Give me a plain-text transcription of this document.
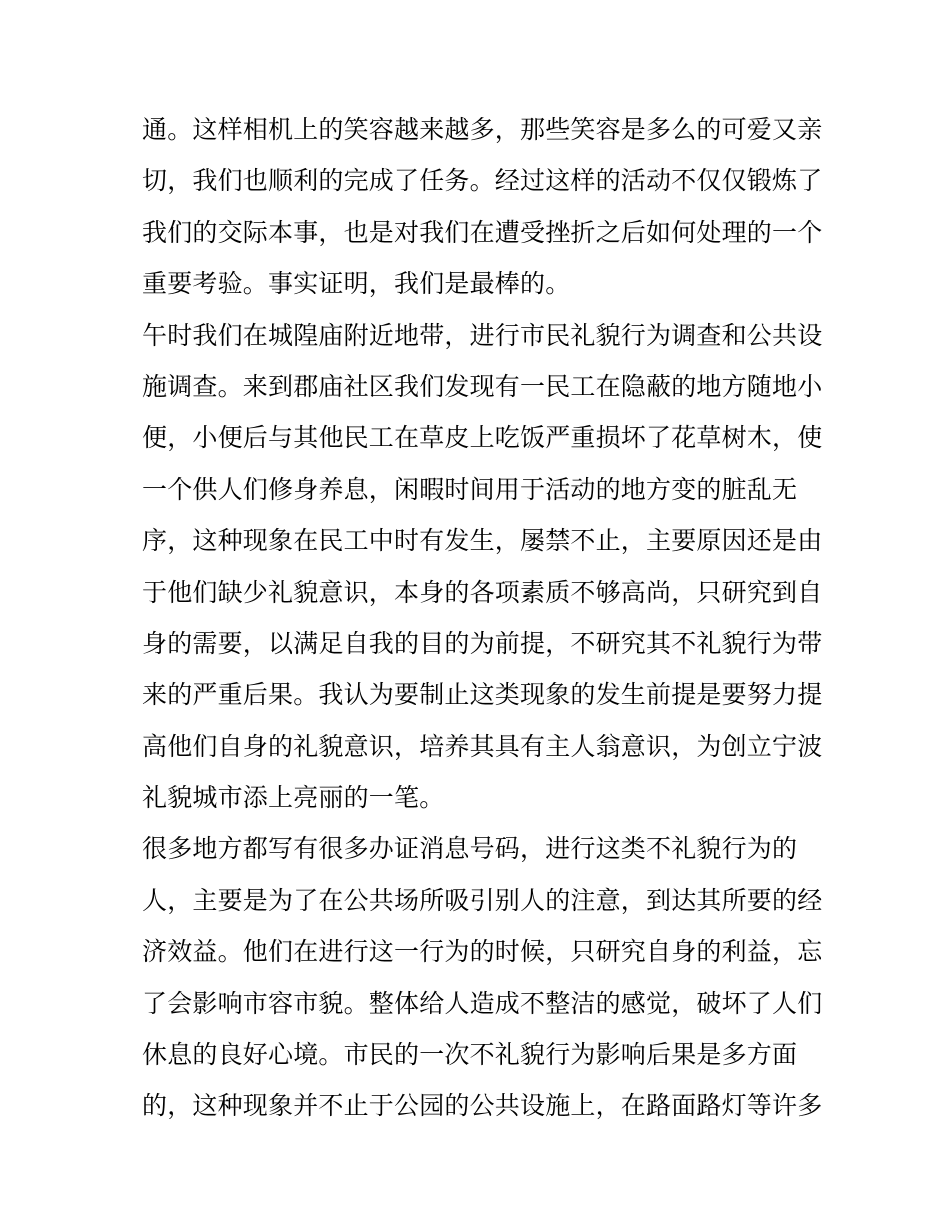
通。这样相机上的笑容越来越多，那些笑容是多么的可爱又亲
切，我们也顺利的完成了任务。经过这样的活动不仅仅锻炼了
我们的交际本事，也是对我们在遭受挫折之后如何处理的一个
重要考验。事实证明，我们是最棒的。
午时我们在城隍庙附近地带，进行市民礼貌行为调查和公共设
施调查。来到郡庙社区我们发现有一民工在隐蔽的地方随地小
便，小便后与其他民工在草皮上吃饭严重损坏了花草树木，使
一个供人们修身养息，闲暇时间用于活动的地方变的脏乱无
序，这种现象在民工中时有发生，屡禁不止，主要原因还是由
于他们缺少礼貌意识，本身的各项素质不够高尚，只研究到自
身的需要，以满足自我的目的为前提，不研究其不礼貌行为带
来的严重后果。我认为要制止这类现象的发生前提是要努力提
高他们自身的礼貌意识，培养其具有主人翁意识，为创立宁波
礼貌城市添上亮丽的一笔。
很多地方都写有很多办证消息号码，进行这类不礼貌行为的
人，主要是为了在公共场所吸引别人的注意，到达其所要的经
济效益。他们在进行这一行为的时候，只研究自身的利益，忘
了会影响市容市貌。整体给人造成不整洁的感觉，破坏了人们
休息的良好心境。市民的一次不礼貌行为影响后果是多方面
的，这种现象并不止于公园的公共设施上，在路面路灯等许多
